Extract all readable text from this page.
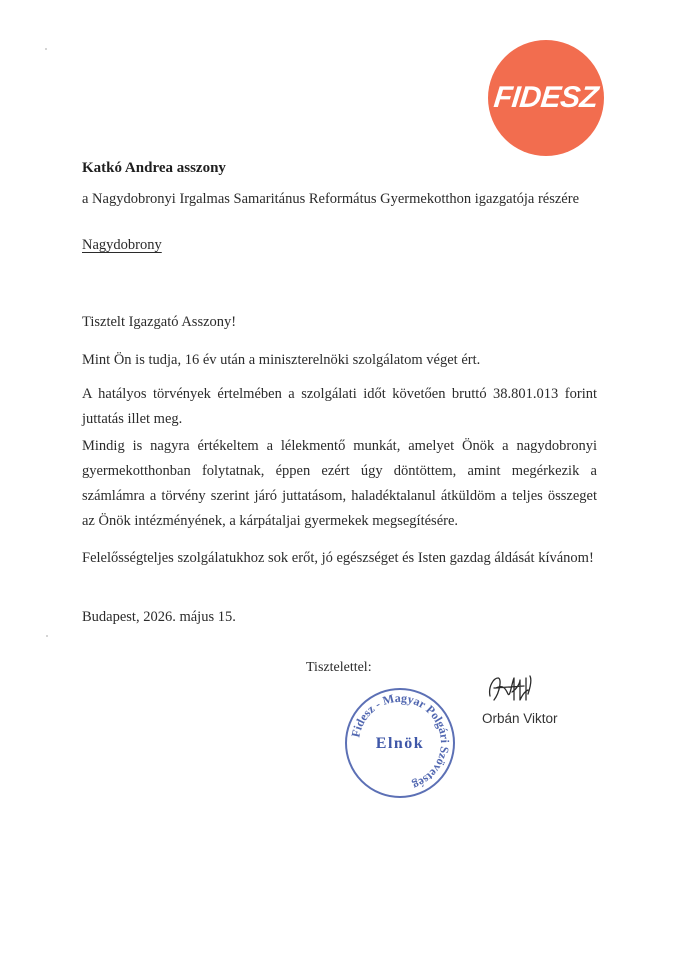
FIDESZ
Katkó Andrea asszony
a Nagydobronyi Irgalmas Samaritánus Református Gyermekotthon igazgatója részére
Nagydobrony
Tisztelt Igazgató Asszony!

Mint Ön is tudja, 16 év után a miniszterelnöki szolgálatom véget ért.

A hatályos törvények értelmében a szolgálati időt követően bruttó 38.801.013 forint juttatás illet meg.

Mindig is nagyra értékeltem a lélekmentő munkát, amelyet Önök a nagydobronyi gyermekotthonban folytatnak, éppen ezért úgy döntöttem, amint megérkezik a számlámra a törvény szerint járó juttatásom, haladéktalanul átküldöm a teljes összeget az Önök intézményének, a kárpátaljai gyermekek megsegítésére.

Felelősségteljes szolgálatukhoz sok erőt, jó egészséget és Isten gazdag áldását kívánom!

Budapest, 2026. május 15.
Tisztelettel:
Fidesz - Magyar Polgári Szövetség
Elnök
Orbán Viktor
